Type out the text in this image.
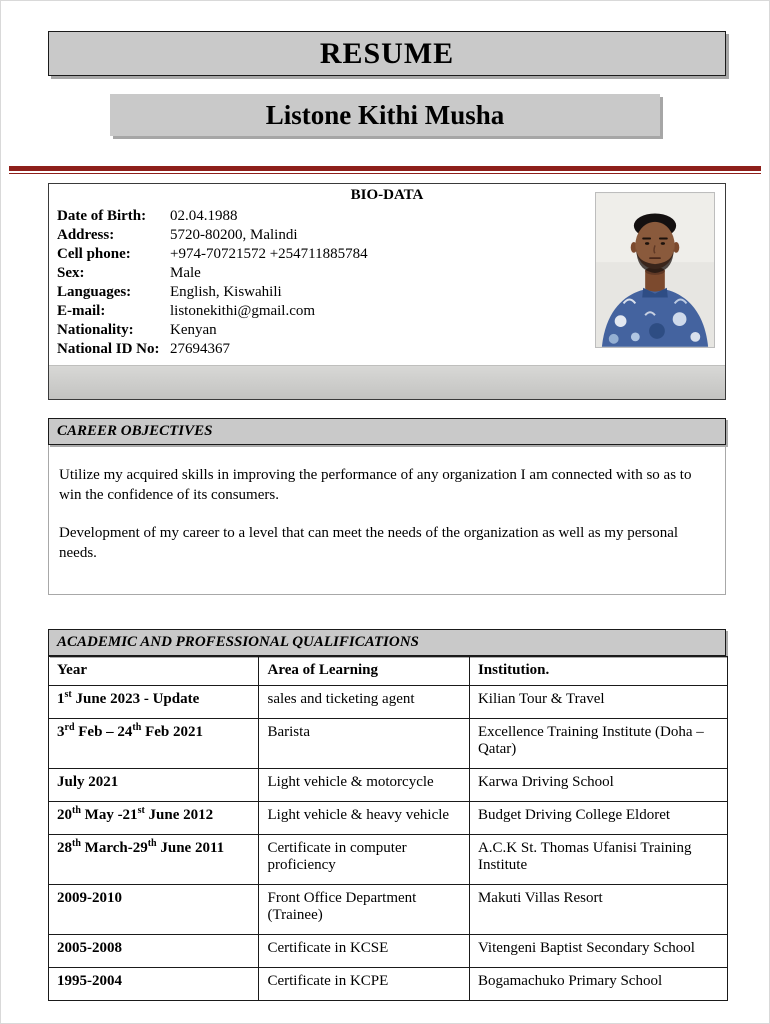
RESUME
Listone Kithi Musha
BIO-DATA
Date of Birth:	02.04.1988
Address:	5720-80200, Malindi
Cell phone:	+974-70721572 +254711885784
Sex:	Male
Languages:	English, Kiswahili
E-mail:	listonekithi@gmail.com
Nationality:	Kenyan
National ID No: 27694367
CAREER OBJECTIVES

Utilize my acquired skills in improving the performance of any organization I am connected with so as to win the confidence of its consumers.

Development of my career to a level that can meet the needs of the organization as well as my personal needs.

ACADEMIC AND PROFESSIONAL QUALIFICATIONS
Year	Area of Learning	Institution.
1st June 2023 - Update	sales and ticketing agent	Kilian Tour & Travel
3rd Feb – 24th Feb 2021	Barista	Excellence Training Institute (Doha – Qatar)
July 2021	Light vehicle & motorcycle	Karwa Driving School
20th May -21st June 2012	Light vehicle & heavy vehicle	Budget Driving College Eldoret
28th March-29th June 2011	Certificate in computer proficiency	A.C.K St. Thomas Ufanisi Training Institute
2009-2010	Front Office Department (Trainee)	Makuti Villas Resort
2005-2008	Certificate in KCSE	Vitengeni Baptist Secondary School
1995-2004	Certificate in KCPE	Bogamachuko Primary School
